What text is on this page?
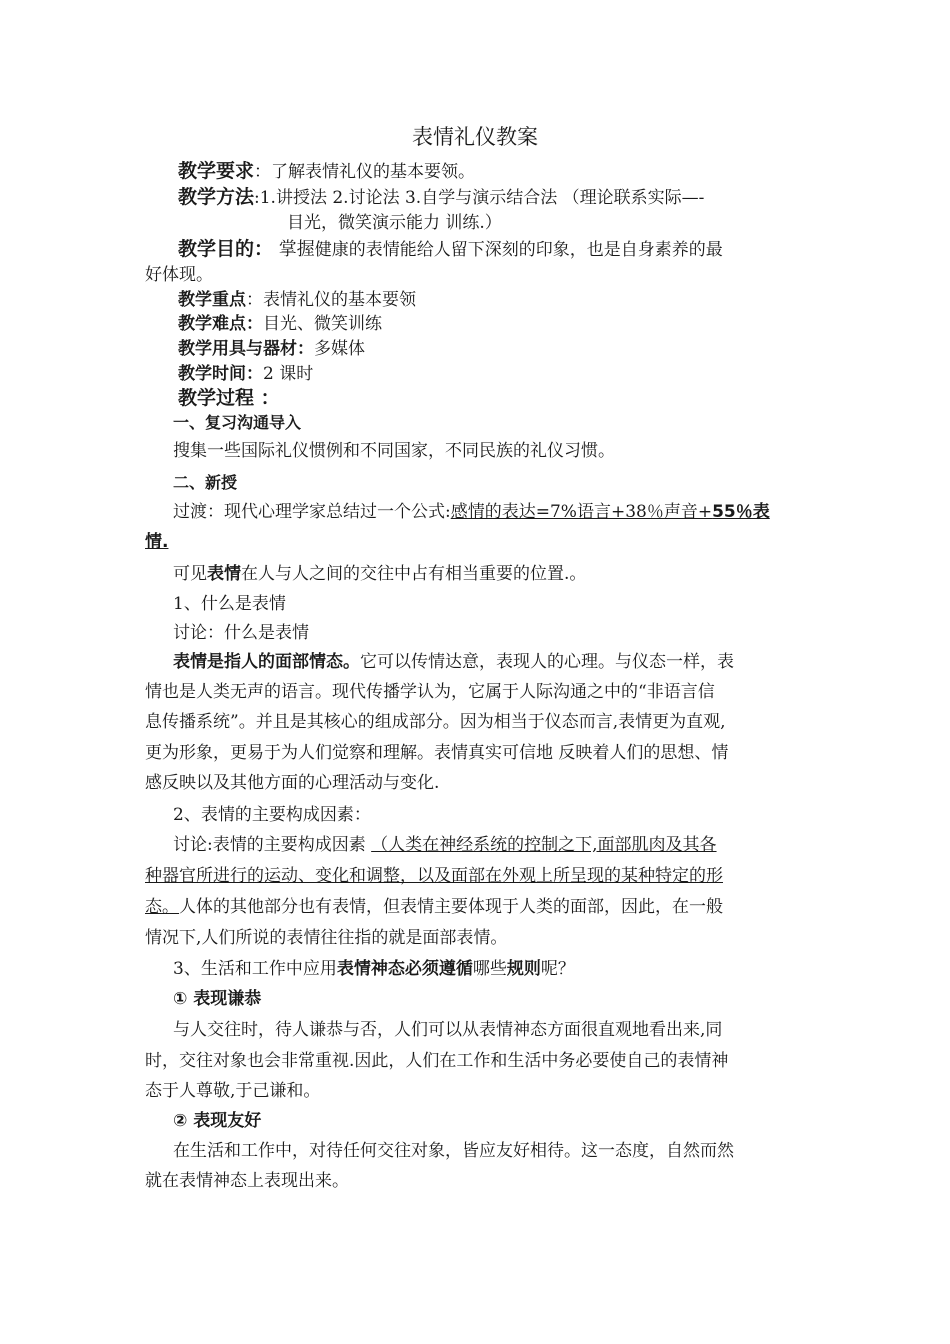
表情礼仪教案
教学要求：了解表情礼仪的基本要领。
教学方法:1.讲授法 2.讨论法 3.自学与演示结合法 （理论联系实际—-
目光，微笑演示能力 训练.）
教学目的： 掌握健康的表情能给人留下深刻的印象，也是自身素养的最
好体现。
教学重点：表情礼仪的基本要领
教学难点：目光、微笑训练
教学用具与器材：多媒体
教学时间：2 课时
教学过程 ：
一、复习沟通导入
搜集一些国际礼仪惯例和不同国家，不同民族的礼仪习惯。
二、新授
过渡：现代心理学家总结过一个公式:感情的表达=7%语言+38％声音+55％表
情.
可见表情在人与人之间的交往中占有相当重要的位置.。
1、什么是表情
讨论：什么是表情
表情是指人的面部情态。它可以传情达意，表现人的心理。与仪态一样，表
情也是人类无声的语言。现代传播学认为，它属于人际沟通之中的“非语言信
息传播系统”。并且是其核心的组成部分。因为相当于仪态而言,表情更为直观,
更为形象，更易于为人们觉察和理解。表情真实可信地 反映着人们的思想、情
感反映以及其他方面的心理活动与变化.
2、表情的主要构成因素：
讨论:表情的主要构成因素 （人类在神经系统的控制之下,面部肌肉及其各
种器官所进行的运动、变化和调整，以及面部在外观上所呈现的某种特定的形
态。人体的其他部分也有表情，但表情主要体现于人类的面部，因此，在一般
情况下,人们所说的表情往往指的就是面部表情。
3、生活和工作中应用表情神态必须遵循哪些规则呢？
① 表现谦恭
与人交往时，待人谦恭与否，人们可以从表情神态方面很直观地看出来,同
时，交往对象也会非常重视.因此，人们在工作和生活中务必要使自己的表情神
态于人尊敬,于己谦和。
② 表现友好
在生活和工作中，对待任何交往对象，皆应友好相待。这一态度，自然而然
就在表情神态上表现出来。
